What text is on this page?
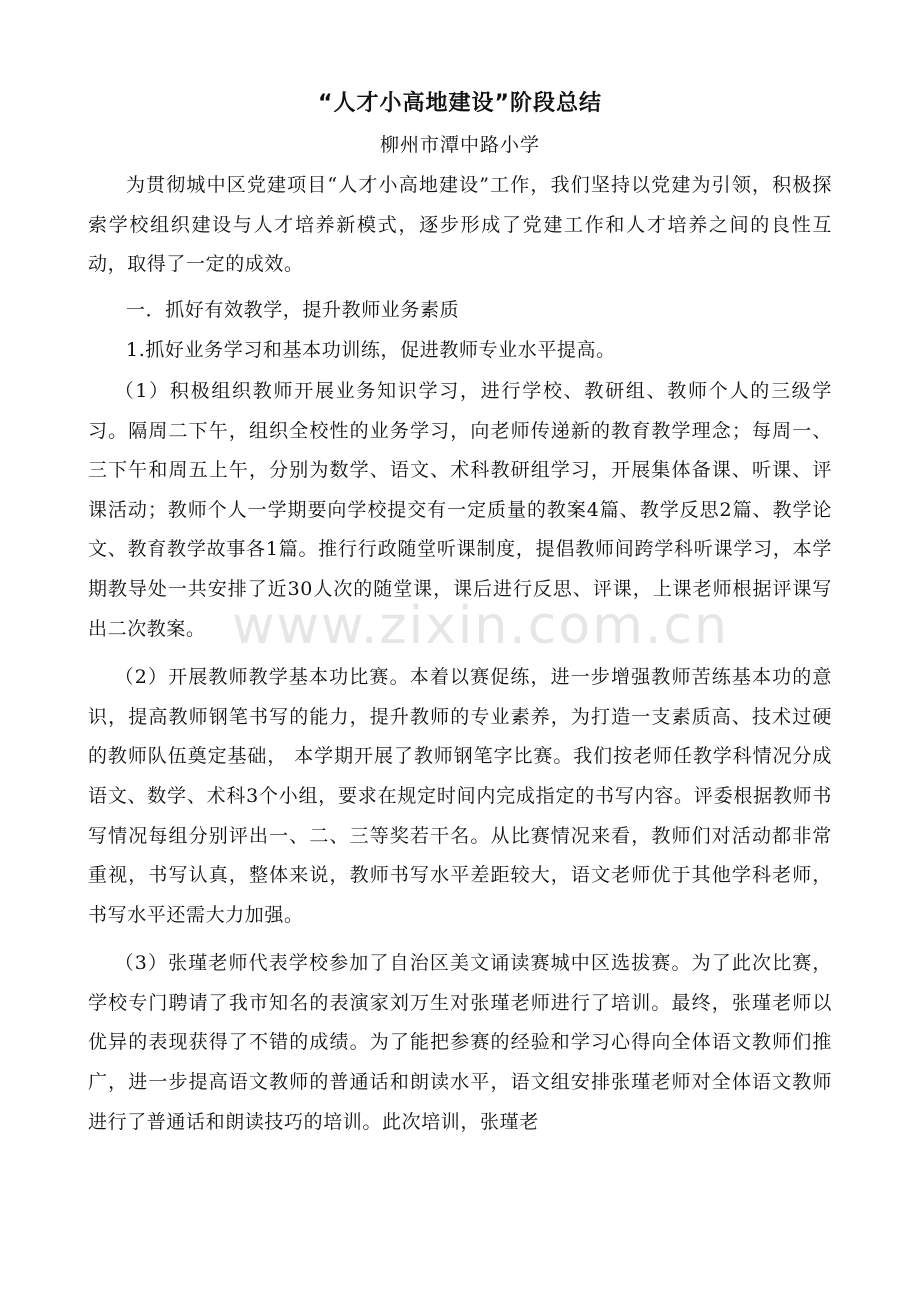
www.zixin.com.cn
“人才小高地建设”阶段总结
柳州市潭中路小学

为贯彻城中区党建项目“人才小高地建设”工作，我们坚持以党建为引领，积极探索学校组织建设与人才培养新模式，逐步形成了党建工作和人才培养之间的良性互动，取得了一定的成效。

一．抓好有效教学，提升教师业务素质

1.抓好业务学习和基本功训练，促进教师专业水平提高。

（1）积极组织教师开展业务知识学习，进行学校、教研组、教师个人的三级学习。隔周二下午，组织全校性的业务学习，向老师传递新的教育教学理念；每周一、三下午和周五上午，分别为数学、语文、术科教研组学习，开展集体备课、听课、评课活动；教师个人一学期要向学校提交有一定质量的教案4篇、教学反思2篇、教学论文、教育教学故事各1篇。推行行政随堂听课制度，提倡教师间跨学科听课学习，本学期教导处一共安排了近30人次的随堂课，课后进行反思、评课，上课老师根据评课写出二次教案。

（2）开展教师教学基本功比赛。本着以赛促练，进一步增强教师苦练基本功的意识，提高教师钢笔书写的能力，提升教师的专业素养，为打造一支素质高、技术过硬的教师队伍奠定基础， 本学期开展了教师钢笔字比赛。我们按老师任教学科情况分成语文、数学、术科3个小组，要求在规定时间内完成指定的书写内容。评委根据教师书写情况每组分别评出一、二、三等奖若干名。从比赛情况来看，教师们对活动都非常重视，书写认真，整体来说，教师书写水平差距较大，语文老师优于其他学科老师，书写水平还需大力加强。

（3）张瑾老师代表学校参加了自治区美文诵读赛城中区选拔赛。为了此次比赛，学校专门聘请了我市知名的表演家刘万生对张瑾老师进行了培训。最终，张瑾老师以优异的表现获得了不错的成绩。为了能把参赛的经验和学习心得向全体语文教师们推广，进一步提高语文教师的普通话和朗读水平，语文组安排张瑾老师对全体语文教师进行了普通话和朗读技巧的培训。此次培训，张瑾老
